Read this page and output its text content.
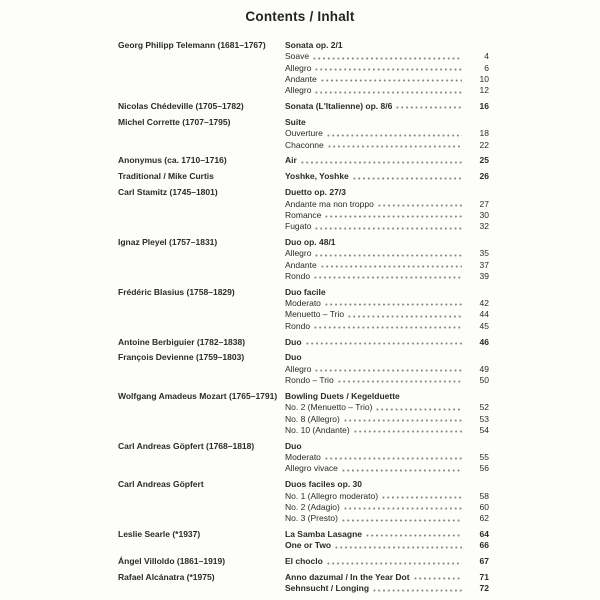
Contents / Inhalt
Georg Philipp Telemann (1681–1767)	Sonata op. 2/1
Soave	4
Allegro	6
Andante	10
Allegro	12
Nicolas Chédeville (1705–1782)	Sonata (L'Italienne) op. 8/6	16
Michel Corrette (1707–1795)	Suite
Ouverture	18
Chaconne	22
Anonymus (ca. 1710–1716)	Air	25
Traditional / Mike Curtis	Yoshke, Yoshke	26
Carl Stamitz (1745–1801)	Duetto op. 27/3
Andante ma non troppo	27
Romance	30
Fugato	32
Ignaz Pleyel (1757–1831)	Duo op. 48/1
Allegro	35
Andante	37
Rondo	39
Frédéric Blasius (1758–1829)	Duo facile
Moderato	42
Menuetto – Trio	44
Rondo	45
Antoine Berbiguier (1782–1838)	Duo	46
François Devienne (1759–1803)	Duo
Allegro	49
Rondo – Trio	50
Wolfgang Amadeus Mozart (1765–1791) Bowling Duets / Kegelduette
No. 2 (Menuetto – Trio)	52
No. 8 (Allegro)	53
No. 10 (Andante)	54
Carl Andreas Göpfert (1768–1818)	Duo
Moderato	55
Allegro vivace	56
Carl Andreas Göpfert	Duos faciles op. 30
No. 1 (Allegro moderato)	58
No. 2 (Adagio)	60
No. 3 (Presto)	62
Leslie Searle (*1937)	La Samba Lasagne	64
One or Two	66
Ángel Villoldo (1861–1919)	El choclo	67
Rafael Alcánatra (*1975)	Anno dazumal / In the Year Dot	71
Sehnsucht / Longing	72
